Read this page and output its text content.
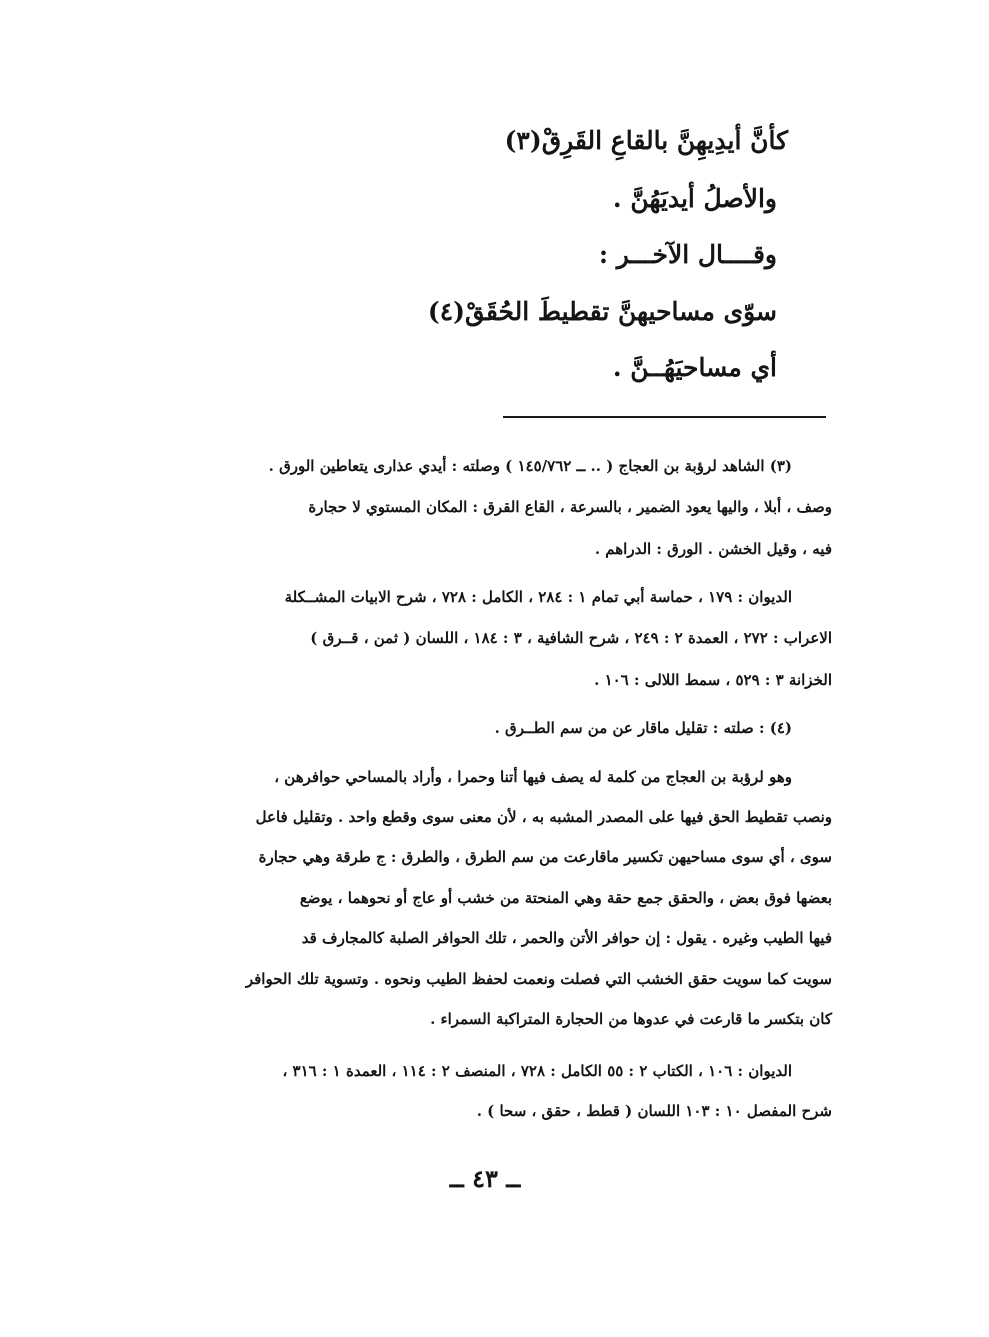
كأنَّ أيدِيهِنَّ بالقاعِ القَرِقْ(٣)
والأصلُ أيديَهُنَّ .
وقــــال الآخـــر :
سوّى مساحيهنَّ تقطيطَ الحُقَقْ(٤)
أي مساحيَهُــنَّ .
(٣) الشاهد لرؤبة بن العجاج ( .. ــ ١٤٥/٧٦٢ ) وصلته : أيدي عذارى يتعاطين الورق .
وصف ، أبلا ، واليها يعود الضمير ، بالسرعة ، القاع القرق : المكان المستوي لا حجارة
فيه ، وقيل الخشن . الورق : الدراهم .
الديوان : ١٧٩ ، حماسة أبي تمام ١ : ٢٨٤ ، الكامل : ٧٢٨ ، شرح الابيات المشــكلة
الاعراب : ٢٧٢ ، العمدة ٢ : ٢٤٩ ، شرح الشافية ، ٣ : ١٨٤ ، اللسان ( ثمن ، قــرق )
الخزانة ٣ : ٥٢٩ ، سمط اللالى : ١٠٦ .
(٤) : صلته : تقليل ماقار عن من سم الطــرق .
وهو لرؤبة بن العجاج من كلمة له يصف فيها أتنا وحمرا ، وأراد بالمساحي حوافرهن ،
ونصب تقطيط الحق فيها على المصدر المشبه به ، لأن معنى سوى وقطع واحد . وتقليل فاعل
سوى ، أي سوى مساحيهن تكسير ماقارعت من سم الطرق ، والطرق : ج طرقة وهي حجارة
بعضها فوق بعض ، والحقق جمع حقة وهي المنحتة من خشب أو عاج أو نحوهما ، يوضع
فيها الطيب وغيره . يقول : إن حوافر الأتن والحمر ، تلك الحوافر الصلبة كالمجارف قد
سويت كما سويت حقق الخشب التي فصلت ونعمت لحفظ الطيب ونحوه . وتسوية تلك الحوافر
كان بتكسر ما قارعت في عدوها من الحجارة المتراكبة السمراء .
الديوان : ١٠٦ ، الكتاب ٢ : ٥٥ الكامل : ٧٢٨ ، المنصف ٢ : ١١٤ ، العمدة ١ : ٣١٦ ،
شرح المفصل ١٠ : ١٠٣ اللسان ( قطط ، حقق ، سحا ) .
ــ ٤٣ ــ
